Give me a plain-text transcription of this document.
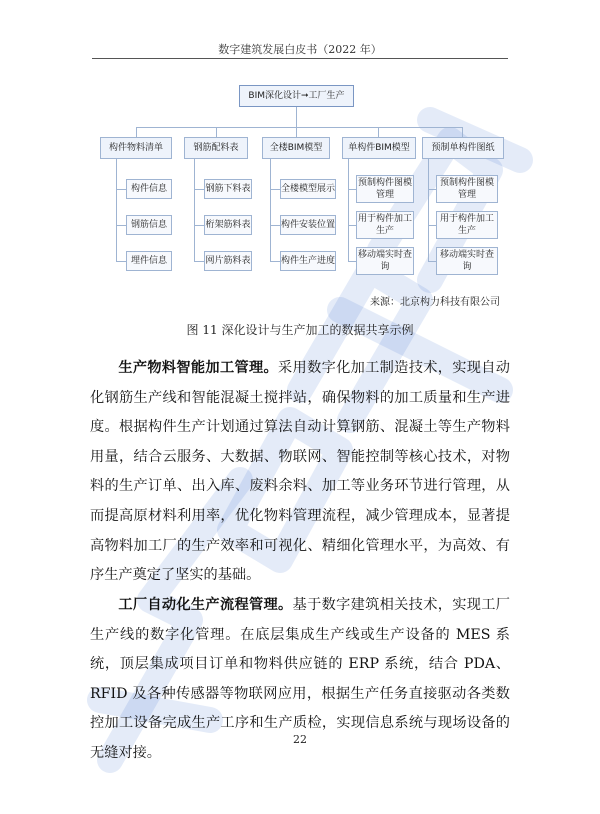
数字建筑发展白皮书（2022 年）
BIM深化设计➞工厂生产
构件物料清单
构件信息
钢筋信息
埋件信息
钢筋配料表
钢筋下料表
桁架筋料表
网片筋料表
全楼BIM模型
全楼模型展示
构件安装位置
构件生产进度
单构件BIM模型
预制构件图模
管理
用于构件加工
生产
移动端实时查
询
预制单构件图纸
预制构件图模
管理
用于构件加工
生产
移动端实时查
询
来源：北京构力科技有限公司
图 11 深化设计与生产加工的数据共享示例
生产物料智能加工管理。采用数字化加工制造技术，实现自动化钢筋生产线和智能混凝土搅拌站，确保物料的加工质量和生产进度。根据构件生产计划通过算法自动计算钢筋、混凝土等生产物料用量，结合云服务、大数据、物联网、智能控制等核心技术，对物料的生产订单、出入库、废料余料、加工等业务环节进行管理，从而提高原材料利用率，优化物料管理流程，减少管理成本，显著提高物料加工厂的生产效率和可视化、精细化管理水平，为高效、有序生产奠定了坚实的基础。
工厂自动化生产流程管理。基于数字建筑相关技术，实现工厂生产线的数字化管理。在底层集成生产线或生产设备的 MES 系统，顶层集成项目订单和物料供应链的 ERP 系统，结合 PDA、RFID 及各种传感器等物联网应用，根据生产任务直接驱动各类数控加工设备完成生产工序和生产质检，实现信息系统与现场设备的无缝对接。
22
